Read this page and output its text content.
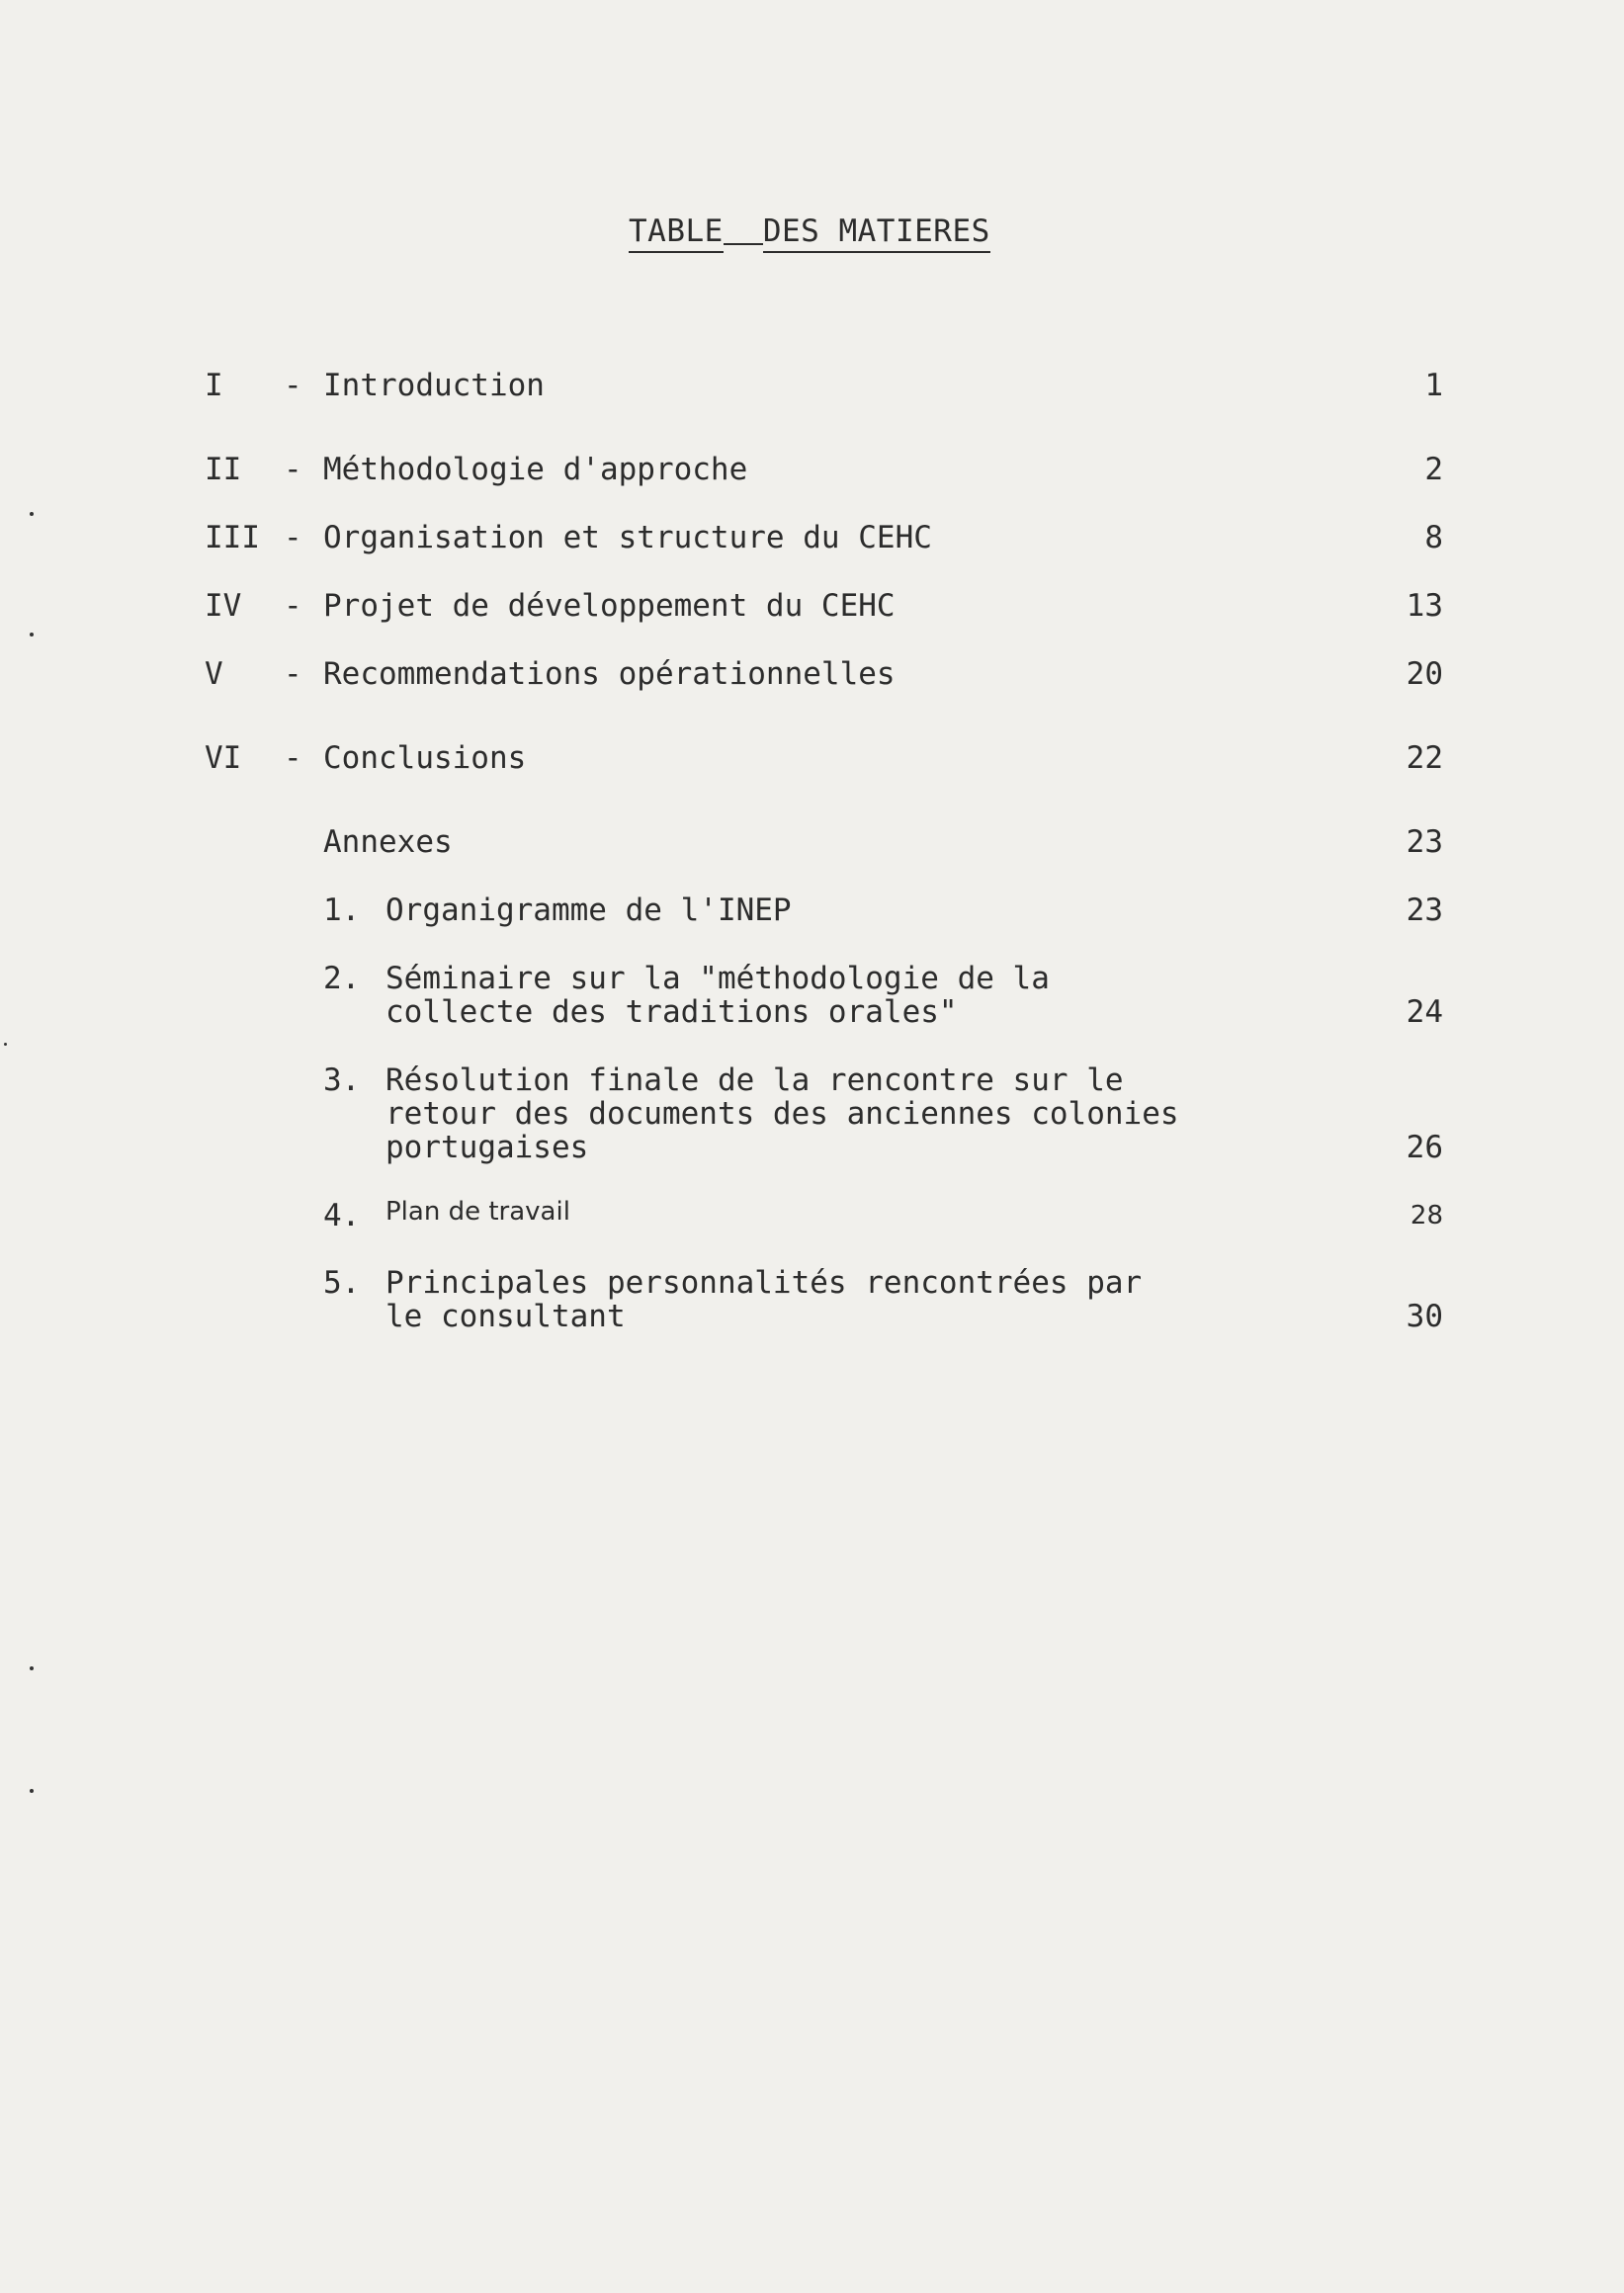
TABLE DES MATIERES
I - Introduction	1
II - Méthodologie d'approche	2
III - Organisation et structure du CEHC	8
IV - Projet de développement du CEHC	13
V - Recommendations opérationnelles	20
VI - Conclusions	22
Annexes	23
1. Organigramme de l'INEP	23
2. Séminaire sur la "méthodologie de la
collecte des traditions orales"	24
3. Résolution finale de la rencontre sur le
retour des documents des anciennes colonies
portugaises	26
4. Plan de travail	28
5. Principales personnalités rencontrées par
le consultant	30
